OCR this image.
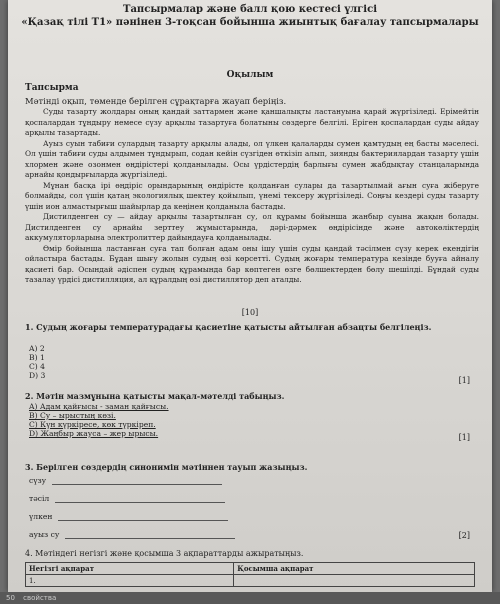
Тапсырмалар және балл қою кестесі үлгісі
«Қазақ тілі Т1» пәнінен 3-тоқсан бойынша жиынтық бағалау тапсырмалары
Оқылым
Тапсырма
Мәтінді оқып, төменде берілген сұрақтарға жауап беріңіз.

Суды тазарту жолдары оның қандай заттармен және қаншалықты ластануына қарай жүргізіледі. Ерімейтін қоспалардан тұндыру немесе сүзу арқылы тазартуға болатыны сөздерге белгілі. Еріген қоспалардан суды айдау арқылы тазартады.

Ауыз суын табиғи сулардың тазарту арқылы алады, ол үлкен қалаларды сумен қамтудың ең басты мәселесі. Ол үшін табиғи суды алдымен тұндырып, содан кейін сүзгіден өткізіп алып, зиянды бактериялардан тазарту үшін хлормен және озонмен өңдірістері қолданылады. Осы үрдістердің барлығы сумен жабдықтау станцаларында арнайы қондырғыларда жүргізіледі.

Мұнан басқа ірі өңдіріс орындарының өндірісте қолданған сулары да тазартылмай ағын суға жіберуге болмайды, сол үшін қатаң экологиялық шектеу қойылып, үнемі тексеру жүргізіледі. Соңғы кездері суды тазарту үшін ион алмастырғыш шайырлар да кеңінен қолданыла бастады.

Дистилденген су — айдау арқылы тазартылған су, ол құрамы бойынша жанбыр суына жақын болады. Дистилденген су арнайы зерттеу жұмыстарында, дәрі-дәрмек өңдірісінде және автокөліктердің аккумуляторларына электролиттер дайындауға қолданылады.

Өмір бойынша ластанған суға тап болған адам оны ішу үшін суды қандай тәсілмен сүзу керек екендігін ойластыра бастады. Бұдан шығу жолын судың өзі көрсетті. Судың жоғары температура кезінде бууға айналу қасиеті бар. Осындай әдіспен судың құрамында бар көптеген өзге бөлшектерден бөлу шешілді. Бұндай суды тазалау үрдісі дистилляция, ал құралдың өзі дистиллятор деп аталды.

[10]
1. Судың жоғары температурадағы қасиетіне қатысты айтылған абзацты белгілеңіз.
A) 2
B) 1
C) 4
D) 3
[1]
2. Мәтін мазмұнына қатысты мақал-мәтелді табыңыз.
A) Адам қайғысы - заман қайғысы.
B) Су – ырыстың көзі.
C) Күн күркіресе, көк түркіреп.
D) Жаңбыр жауса – жер ырысы.	[1]
3. Берілген сөздердің синонимін мәтіннен тауып жазыңыз.
сүзу
тәсіл
үлкен
ауыз су	[2]
4. Мәтіндегі негізгі және қосымша 3 ақпараттарды ажыратыңыз.
Негізгі ақпарат	Қосымша ақпарат
1.	
50 свойства
